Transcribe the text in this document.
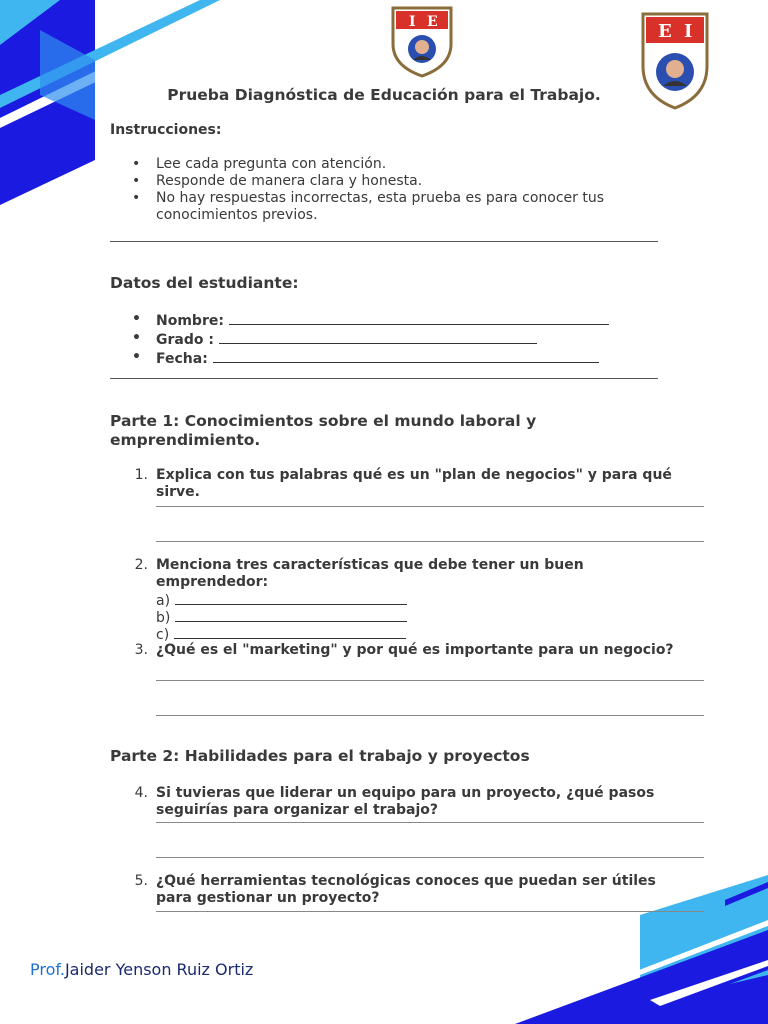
I E	E I
Prueba Diagnóstica de Educación para el Trabajo.
Instrucciones:
• Lee cada pregunta con atención.
• Responde de manera clara y honesta.
• No hay respuestas incorrectas, esta prueba es para conocer tus conocimientos previos.
Datos del estudiante:
• Nombre:
• Grado :
• Fecha:
Parte 1: Conocimientos sobre el mundo laboral y emprendimiento.
1. Explica con tus palabras qué es un "plan de negocios" y para qué sirve.
2. Menciona tres características que debe tener un buen emprendedor:
a)
b)
c)
3. ¿Qué es el "marketing" y por qué es importante para un negocio?
Parte 2: Habilidades para el trabajo y proyectos
4. Si tuvieras que liderar un equipo para un proyecto, ¿qué pasos seguirías para organizar el trabajo?
5. ¿Qué herramientas tecnológicas conoces que puedan ser útiles para gestionar un proyecto?
Prof.Jaider Yenson Ruiz Ortiz
